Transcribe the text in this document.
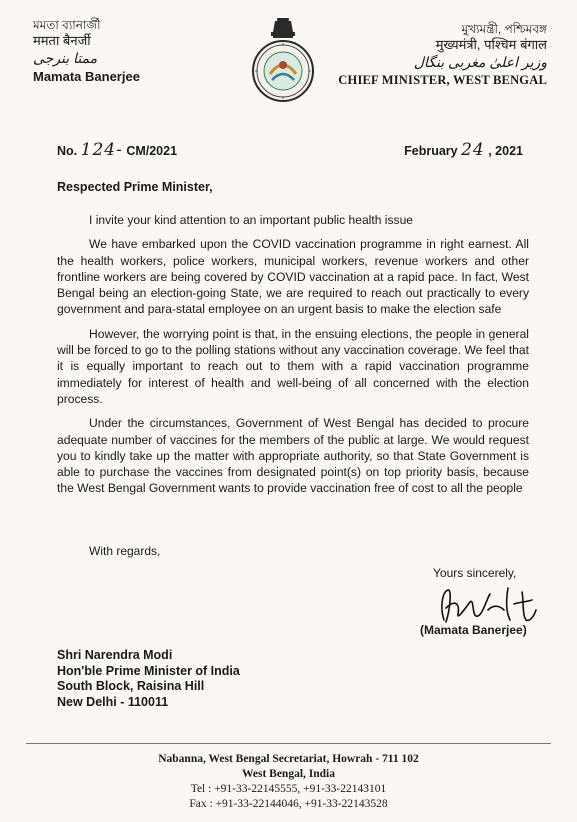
মমতা ব্যানার্জী
ममता बैनर्जी
ممتا بنرجی
Mamata Banerjee
মুখ্যমন্ত্রী, পশ্চিমবঙ্গ
मुख्यमंत्री, पश्चिम बंगाल
وزیر اعلیٰ مغربی بنگال
CHIEF MINISTER, WEST BENGAL
No. 124- CM/2021	February 24 , 2021
Respected Prime Minister,

I invite your kind attention to an important public health issue

We have embarked upon the COVID vaccination programme in right earnest. All the health workers, police workers, municipal workers, revenue workers and other frontline workers are being covered by COVID vaccination at a rapid pace. In fact, West Bengal being an election-going State, we are required to reach out practically to every government and para-statal employee on an urgent basis to make the election safe

However, the worrying point is that, in the ensuing elections, the people in general will be forced to go to the polling stations without any vaccination coverage. We feel that it is equally important to reach out to them with a rapid vaccination programme immediately for interest of health and well-being of all concerned with the election process.

Under the circumstances, Government of West Bengal has decided to procure adequate number of vaccines for the members of the public at large. We would request you to kindly take up the matter with appropriate authority, so that State Government is able to purchase the vaccines from designated point(s) on top priority basis, because the West Bengal Government wants to provide vaccination free of cost to all the people

With regards,
Yours sincerely,
(Mamata Banerjee)
Shri Narendra Modi
Hon'ble Prime Minister of India
South Block, Raisina Hill
New Delhi - 110011
Nabanna, West Bengal Secretariat, Howrah - 711 102
West Bengal, India
Tel : +91-33-22145555, +91-33-22143101
Fax : +91-33-22144046, +91-33-22143528
